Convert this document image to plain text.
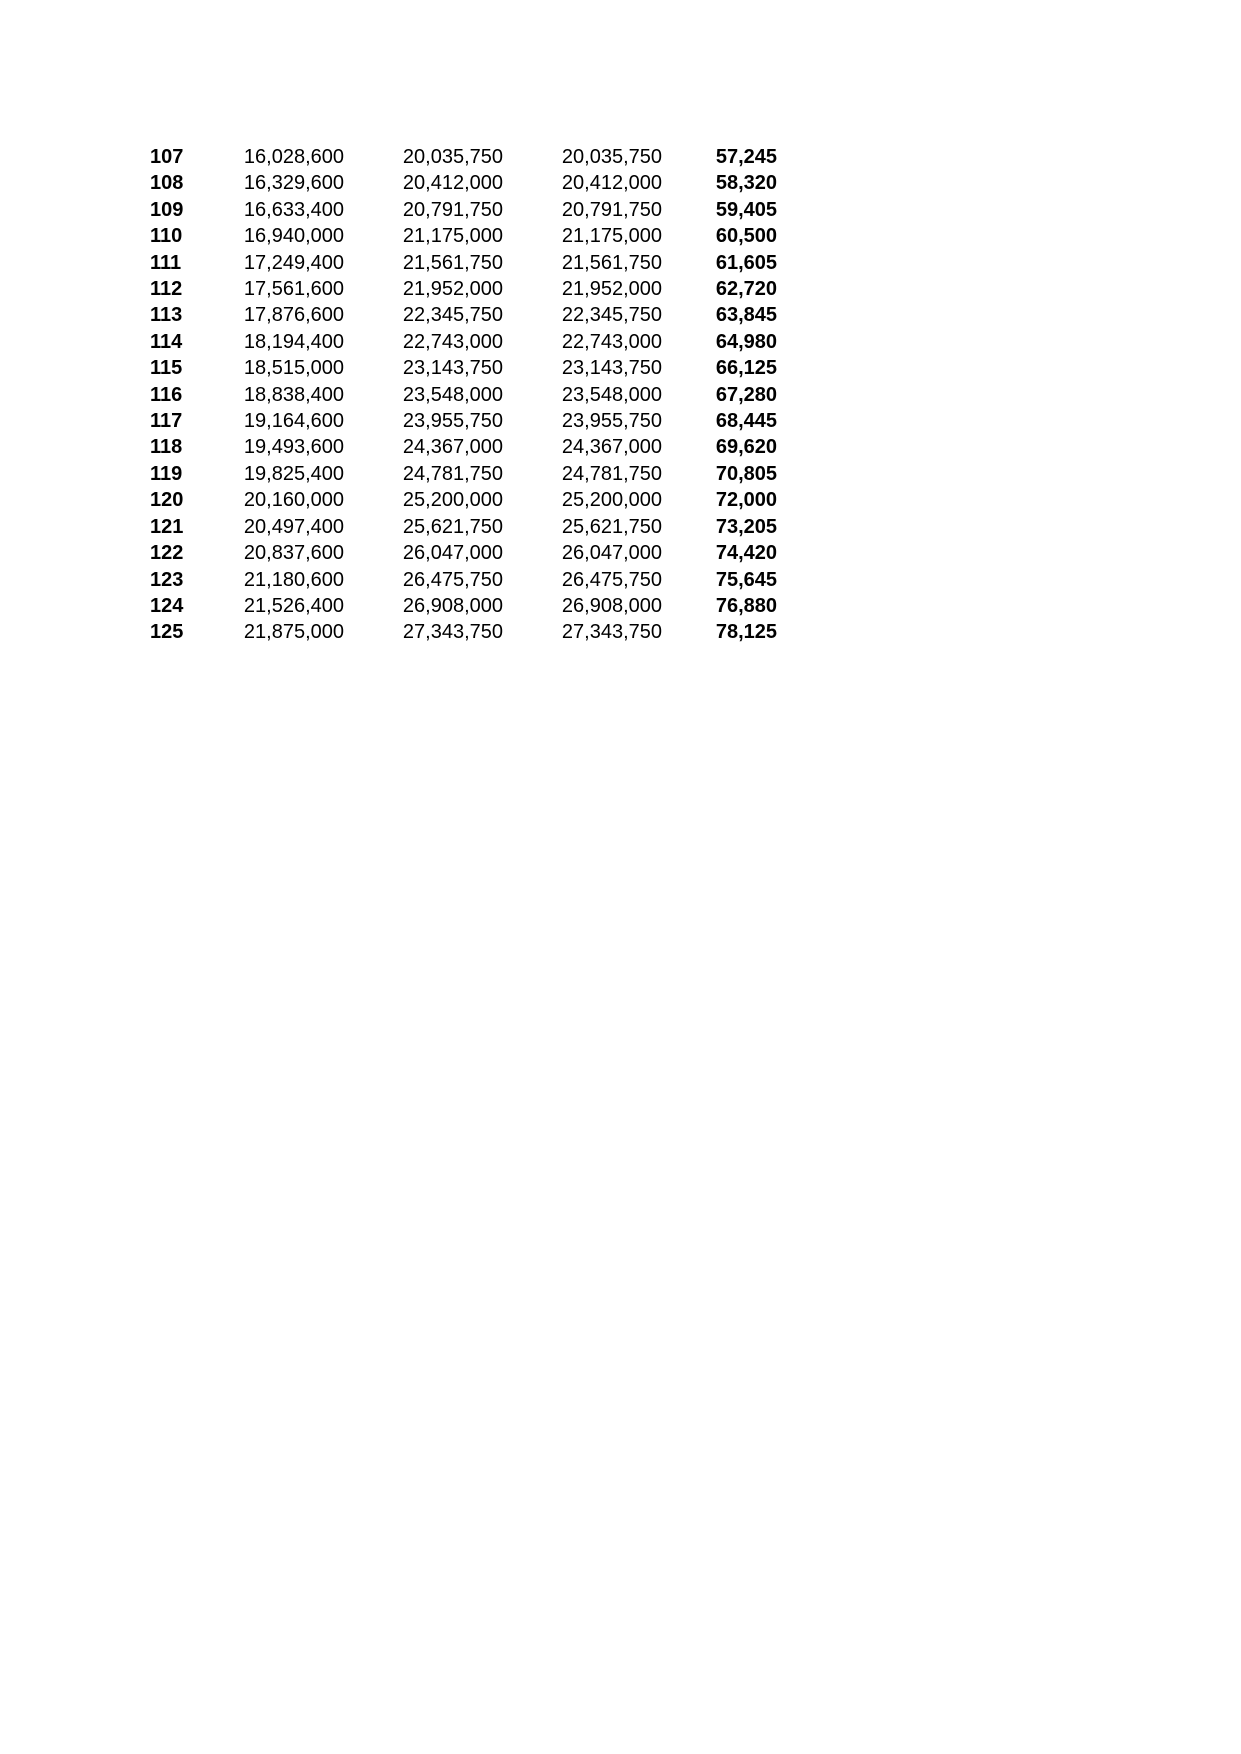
107	16,028,600	20,035,750	20,035,750	57,245
108	16,329,600	20,412,000	20,412,000	58,320
109	16,633,400	20,791,750	20,791,750	59,405
110	16,940,000	21,175,000	21,175,000	60,500
111	17,249,400	21,561,750	21,561,750	61,605
112	17,561,600	21,952,000	21,952,000	62,720
113	17,876,600	22,345,750	22,345,750	63,845
114	18,194,400	22,743,000	22,743,000	64,980
115	18,515,000	23,143,750	23,143,750	66,125
116	18,838,400	23,548,000	23,548,000	67,280
117	19,164,600	23,955,750	23,955,750	68,445
118	19,493,600	24,367,000	24,367,000	69,620
119	19,825,400	24,781,750	24,781,750	70,805
120	20,160,000	25,200,000	25,200,000	72,000
121	20,497,400	25,621,750	25,621,750	73,205
122	20,837,600	26,047,000	26,047,000	74,420
123	21,180,600	26,475,750	26,475,750	75,645
124	21,526,400	26,908,000	26,908,000	76,880
125	21,875,000	27,343,750	27,343,750	78,125
